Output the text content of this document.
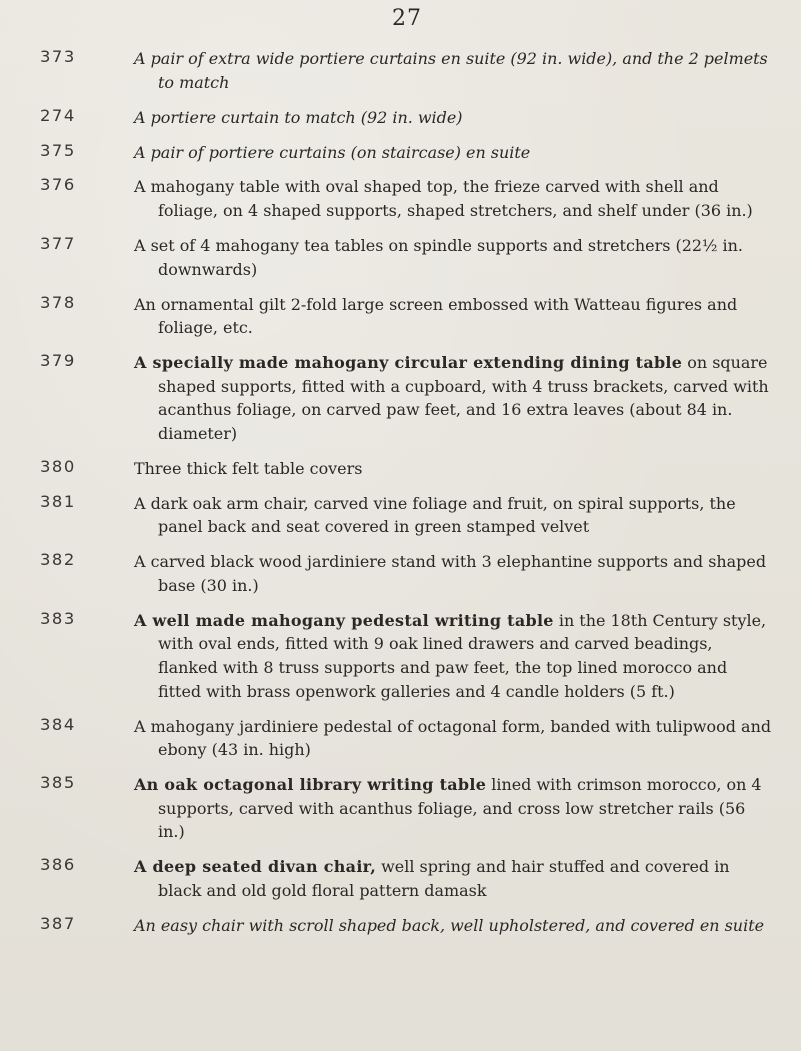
27
373	A pair of extra wide portiere curtains en suite (92 in. wide), and the 2 pelmets to match
274	A portiere curtain to match (92 in. wide)
375	A pair of portiere curtains (on staircase) en suite
376	A mahogany table with oval shaped top, the frieze carved with shell and foliage, on 4 shaped supports, shaped stretchers, and shelf under (36 in.)
377	A set of 4 mahogany tea tables on spindle supports and stretchers (22½ in. downwards)
378	An ornamental gilt 2-fold large screen embossed with Watteau figures and foliage, etc.
379	A specially made mahogany circular extending dining table on square shaped supports, fitted with a cupboard, with 4 truss brackets, carved with acanthus foliage, on carved paw feet, and 16 extra leaves (about 84 in. diameter)
380	Three thick felt table covers
381	A dark oak arm chair, carved vine foliage and fruit, on spiral supports, the panel back and seat covered in green stamped velvet
382	A carved black wood jardiniere stand with 3 elephantine supports and shaped base (30 in.)
383	A well made mahogany pedestal writing table in the 18th Century style, with oval ends, fitted with 9 oak lined drawers and carved beadings, flanked with 8 truss supports and paw feet, the top lined morocco and fitted with brass openwork galleries and 4 candle holders (5 ft.)
384	A mahogany jardiniere pedestal of octagonal form, banded with tulipwood and ebony (43 in. high)
385	An oak octagonal library writing table lined with crimson morocco, on 4 supports, carved with acanthus foliage, and cross low stretcher rails (56 in.)
386	A deep seated divan chair, well spring and hair stuffed and covered in black and old gold floral pattern damask
387	An easy chair with scroll shaped back, well upholstered, and covered en suite
